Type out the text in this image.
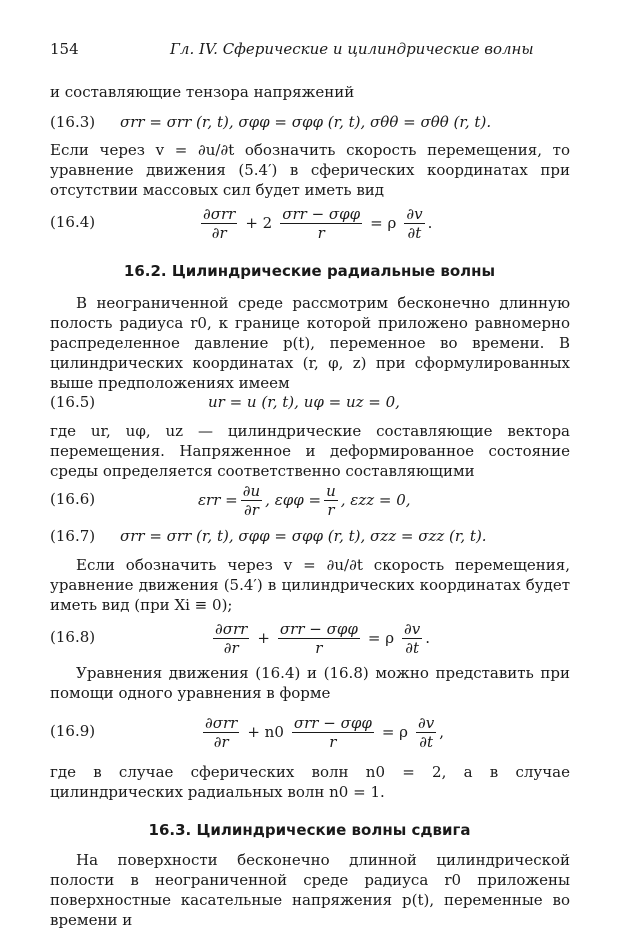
154	Гл. IV. Сферические и цилиндрические волны
и составляющие тензора напряжений
(16.3) σrr = σrr (r, t), σφφ = σφφ (r, t), σθθ = σθθ (r, t).
Если через v = ∂u/∂t обозначить скорость перемещения, то уравнение движения (5.4′) в сферических координатах при отсутствии массовых сил будет иметь вид
(16.4)	$\frac{\text{∂σrr}}{\partial r} + 2 \frac{\text{σrr − σφφ}}{r} = \rho \frac{\partial v}{\partial t}$ .
16.2. Цилиндрические радиальные волны
В неограниченной среде рассмотрим бесконечно длинную полость радиуса r0, к границе которой приложено равномерно распределенное давление p(t), переменное во времени. В цилиндрических координатах (r, φ, z) при сформулированных выше предположениях имеем
(16.5)	ur = u (r, t), uφ = uz = 0,
где ur, uφ, uz — цилиндрические составляющие вектора перемещения. Напряженное и деформированное состояние среды определяется соответственно составляющими
(16.6)	$\varepsilon rr = \frac{\partial u}{\partial r}$ , $\varepsilon\varphi\varphi = \frac{u}{r}$ , εzz = 0,
(16.7) σrr = σrr (r, t), σφφ = σφφ (r, t), σzz = σzz (r, t).
Если обозначить через v = ∂u/∂t скорость перемещения, уравнение движения (5.4′) в цилиндрических координатах будет иметь вид (при Xi ≡ 0);
(16.8)	$\frac{\text{∂σrr}}{\partial r} + \frac{\text{σrr − σφφ}}{r} = \rho \frac{\partial v}{\partial t}$ .
Уравнения движения (16.4) и (16.8) можно представить при помощи одного уравнения в форме
(16.9)	$\frac{\text{∂σrr}}{\partial r} + n0 \frac{\text{σrr − σφφ}}{r} = \rho \frac{\partial v}{\partial t}$ ,
где в случае сферических волн n0 = 2, а в случае цилиндрических радиальных волн n0 = 1.
16.3. Цилиндрические волны сдвига
На поверхности бесконечно длинной цилиндрической полости в неограниченной среде радиуса r0 приложены поверхностные касательные напряжения p(t), переменные во времени и
